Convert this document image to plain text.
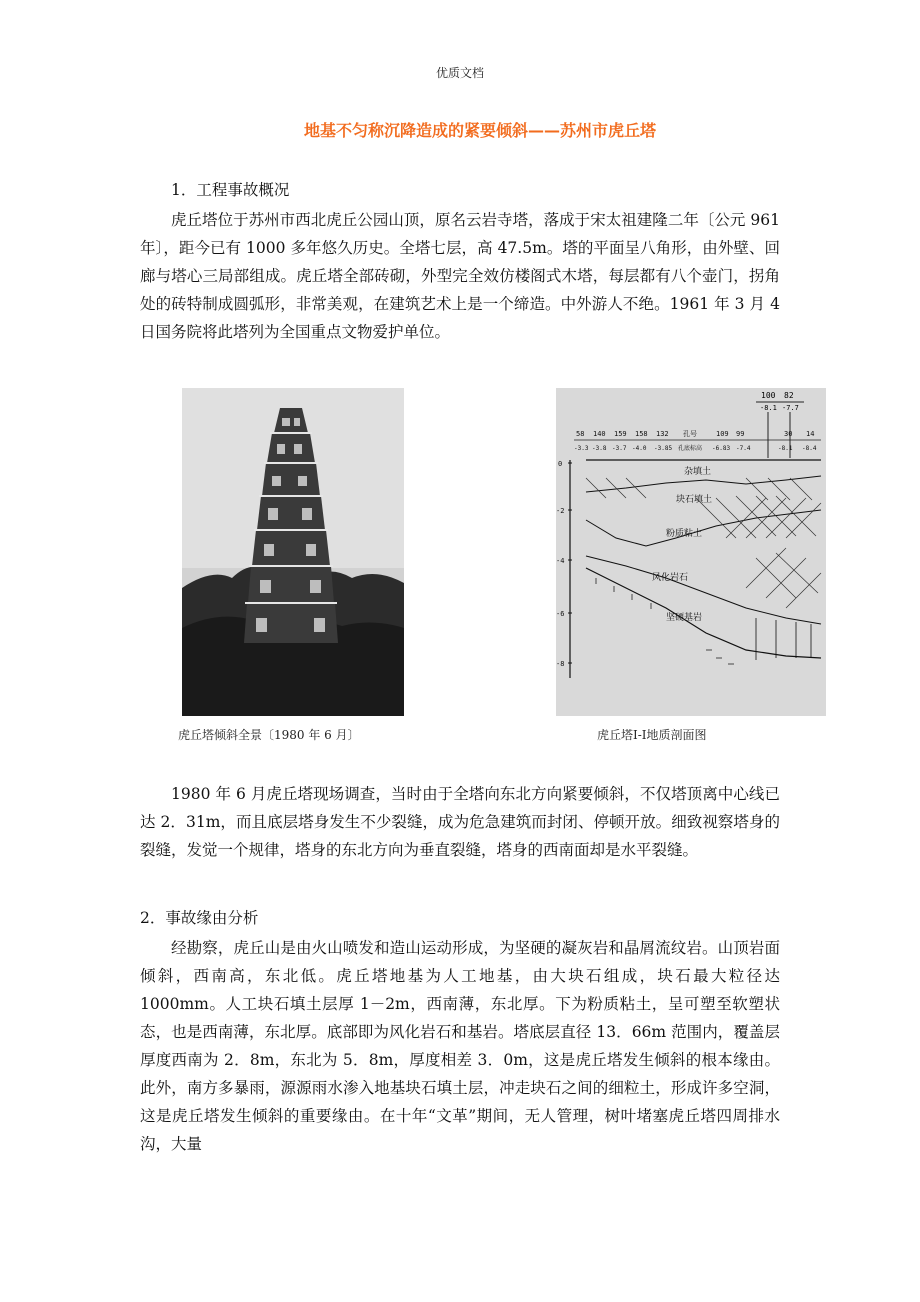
优质文档
地基不匀称沉降造成的紧要倾斜——苏州市虎丘塔
1．工程事故概况
虎丘塔位于苏州市西北虎丘公园山顶，原名云岩寺塔，落成于宋太祖建隆二年〔公元 961 年〕，距今已有 1000 多年悠久历史。全塔七层，高 47.5m。塔的平面呈八角形，由外壁、回廊与塔心三局部组成。虎丘塔全部砖砌，外型完全效仿楼阁式木塔，每层都有八个壶门，拐角处的砖特制成圆弧形，非常美观，在建筑艺术上是一个缔造。中外游人不绝。1961 年 3 月 4 日国务院将此塔列为全国重点文物爱护单位。
100 82
-8.1 -7.7
58 140 159 158 132 孔号	109 99	30 14
-3.3 -3.8 -3.7 -4.0 -3.85 孔底标高 -6.83 -7.4	-8.1 -8.4
0
-2
-4
-6
-8
杂填土
块石填土
粉质粘土
风化岩石
坚硬基岩
虎丘塔倾斜全景〔1980 年 6 月〕	虎丘塔Ⅰ-Ⅰ地质剖面图
1980 年 6 月虎丘塔现场调查，当时由于全塔向东北方向紧要倾斜，不仅塔顶离中心线已达 2．31m，而且底层塔身发生不少裂缝，成为危急建筑而封闭、停顿开放。细致视察塔身的裂缝，发觉一个规律，塔身的东北方向为垂直裂缝，塔身的西南面却是水平裂缝。
2．事故缘由分析
经勘察，虎丘山是由火山喷发和造山运动形成，为坚硬的凝灰岩和晶屑流纹岩。山顶岩面倾斜，西南高，东北低。虎丘塔地基为人工地基，由大块石组成，块石最大粒径达 1000mm。人工块石填土层厚 1－2m，西南薄，东北厚。下为粉质粘土，呈可塑至软塑状态，也是西南薄，东北厚。底部即为风化岩石和基岩。塔底层直径 13．66m 范围内，覆盖层厚度西南为 2．8m，东北为 5．8m，厚度相差 3．0m，这是虎丘塔发生倾斜的根本缘由。此外，南方多暴雨，源源雨水渗入地基块石填土层，冲走块石之间的细粒土，形成许多空洞，这是虎丘塔发生倾斜的重要缘由。在十年“文革”期间，无人管理，树叶堵塞虎丘塔四周排水沟，大量
